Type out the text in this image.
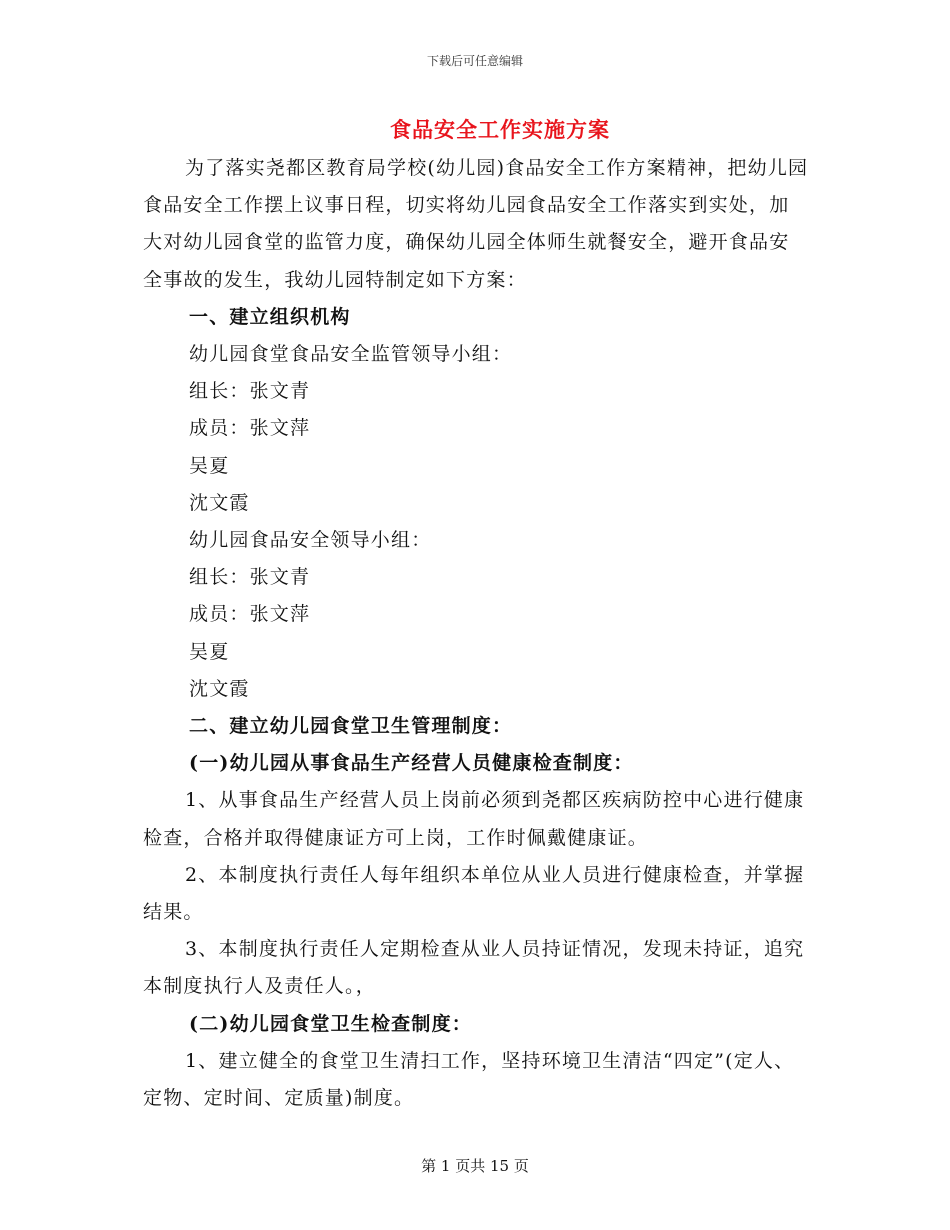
下载后可任意编辑
食品安全工作实施方案

为了落实尧都区教育局学校(幼儿园)食品安全工作方案精神，把幼儿园食品安全工作摆上议事日程，切实将幼儿园食品安全工作落实到实处，加大对幼儿园食堂的监管力度，确保幼儿园全体师生就餐安全，避开食品安全事故的发生，我幼儿园特制定如下方案：

一、建立组织机构

幼儿园食堂食品安全监管领导小组：

组长：张文青

成员：张文萍

吴夏

沈文霞

幼儿园食品安全领导小组：

组长：张文青

成员：张文萍

吴夏

沈文霞

二、建立幼儿园食堂卫生管理制度：

(一)幼儿园从事食品生产经营人员健康检查制度：

1、从事食品生产经营人员上岗前必须到尧都区疾病防控中心进行健康检查，合格并取得健康证方可上岗，工作时佩戴健康证。

2、本制度执行责任人每年组织本单位从业人员进行健康检查，并掌握结果。

3、本制度执行责任人定期检查从业人员持证情况，发现未持证，追究本制度执行人及责任人。，

(二)幼儿园食堂卫生检查制度：

1、建立健全的食堂卫生清扫工作，坚持环境卫生清洁“四定”(定人、定物、定时间、定质量)制度。

第 1 页共 15 页
